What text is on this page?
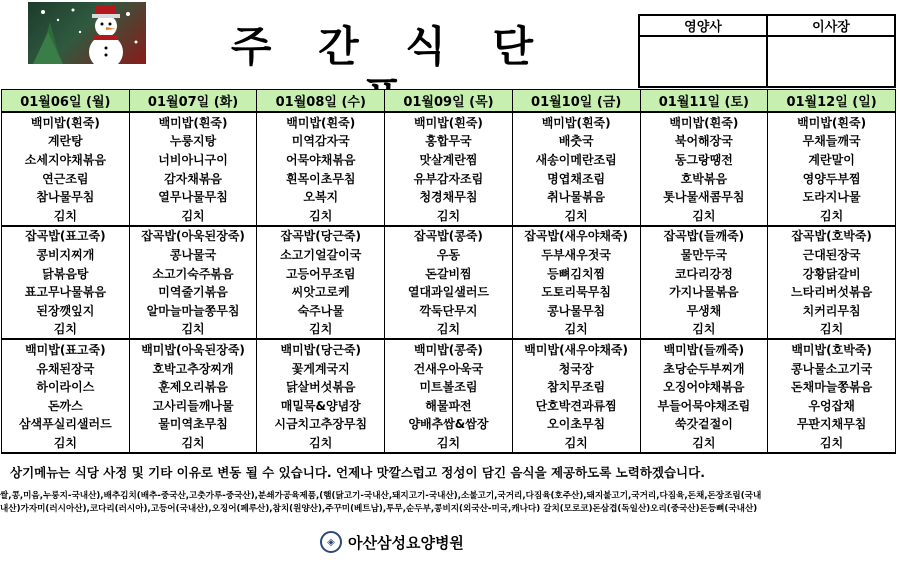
주 간 식 단	영양사	이사장

01월06일 (월)	01월07일 (화)	01월08일 (수)	01월09일 (목)	01월10일 (금)	01월11일 (토)	01월12일 (일)
백미밥(흰죽)	백미밥(흰죽)	백미밥(흰죽)	백미밥(흰죽)	백미밥(흰죽)	백미밥(흰죽)	백미밥(흰죽)
계란탕	누룽지탕	미역감자국	홍합무국	배춧국	북어해장국	무채들깨국
소세지야채볶음	너비아니구이	어묵야채볶음	맛살계란찜	새송이메란조림	동그랑땡전	계란말이
연근조림	감자채볶음	흰목이초무침	유부감자조림	명엽채조림	호박볶음	영양두부찜
참나물무침	열무나물무침	오복지	청경채무침	취나물볶음	톳나물새콤무침	도라지나물
김치	김치	김치	김치	김치	김치	김치
잡곡밥(표고죽)	잡곡밥(아욱된장죽)	잡곡밥(당근죽)	잡곡밥(콩죽)	잡곡밥(새우야채죽)	잡곡밥(들깨죽)	잡곡밥(호박죽)
콩비지찌개	콩나물국	소고기얼갈이국	우동	두부새우젓국	물만두국	근대된장국
닭볶음탕	소고기숙주볶음	고등어무조림	돈갈비찜	등뼈김치찜	코다리강정	강황닭갈비
표고무나물볶음	미역줄기볶음	씨앗고로케	열대과일샐러드	도토리묵무침	가지나물볶음	느타리버섯볶음
된장깻잎지	알마늘마늘쫑무침	숙주나물	깍둑단무지	콩나물무침	무생채	치커리무침
김치	김치	김치	김치	김치	김치	김치
백미밥(표고죽)	백미밥(아욱된장죽)	백미밥(당근죽)	백미밥(콩죽)	백미밥(새우야채죽)	백미밥(들깨죽)	백미밥(호박죽)
유채된장국	호박고추장찌개	꽃게계국지	건새우아욱국	청국장	초당순두부찌개	콩나물소고기국
하이라이스	훈제오리볶음	닭살버섯볶음	미트볼조림	참치무조림	오징어야채볶음	돈채마늘쫑볶음
돈까스	고사리들깨나물	매밀묵&양념장	해물파전	단호박견과류찜	부들어묵야채조림	우엉잡채
삼색푸실리샐러드	물미역초무침	시금치고추장무침	양배추쌈&쌈장	오이초무침	쑥갓겉절이	무판지채무침
김치	김치	김치	김치	김치	김치	김치
상기메뉴는 식당 사정 및 기타 이유로 변동 될 수 있습니다. 언제나 맛깔스럽고 정성이 담긴 음식을 제공하도록 노력하겠습니다.
쌀,콩,미음,누룽지-국내산),배추김치(배추-중국산,고춧가루-중국산),분쇄가공육제품,(햄(닭고기-국내산,돼지고기-국내산),소불고기,국거리,다짐육(호주산),돼지불고기,국거리,다짐육,돈채,돈장조림(국내
내산)가자미(러시아산),코다리(러시아),고등어(국내산),오징어(페루산),참치(원양산),주꾸미(베트남),투무,순두부,콩비지(외국산-미국,캐나다) 갈치(모로코)돈삼겹(독일산)오리(중국산)돈등뼈(국내산)
◈ 아산삼성요양병원
